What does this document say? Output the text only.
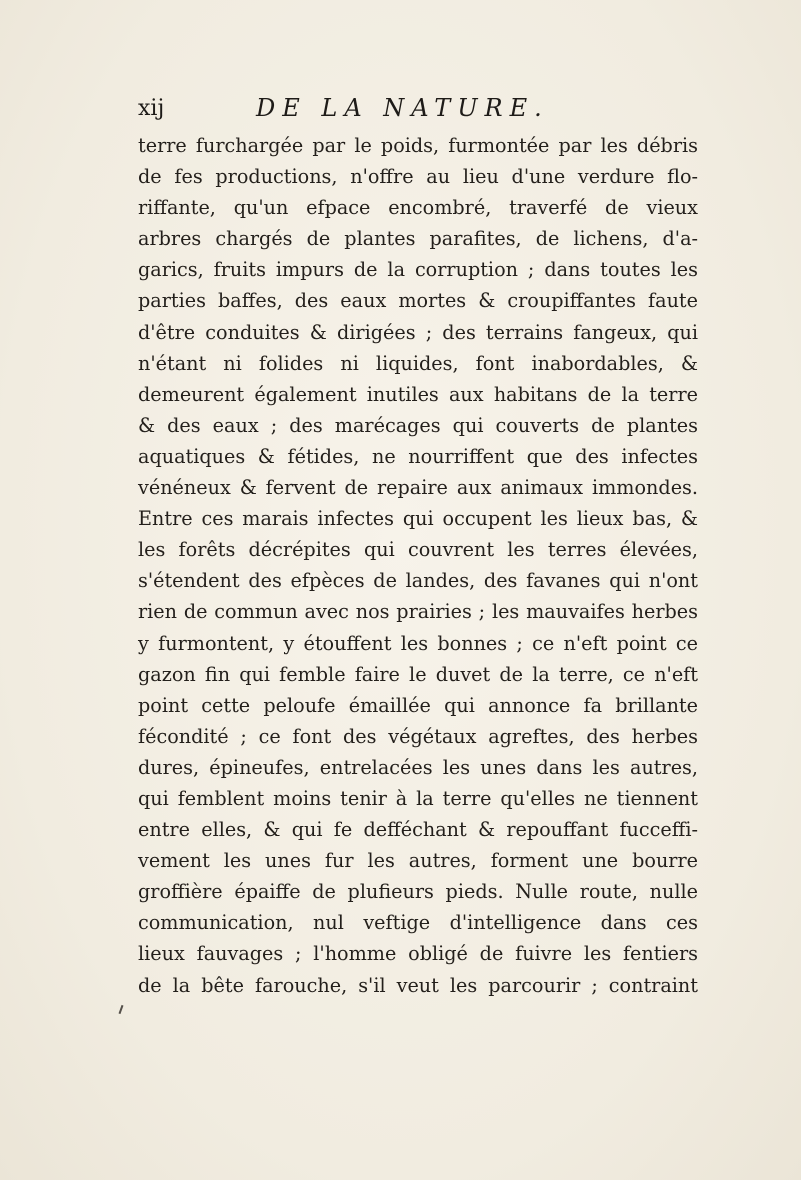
xij	DE LA NATURE.
terre furchargée par le poids, furmontée par les débris
de fes productions, n'offre au lieu d'une verdure flo-
riffante, qu'un efpace encombré, traverfé de vieux
arbres chargés de plantes parafites, de lichens, d'a-
garics, fruits impurs de la corruption ; dans toutes les
parties baffes, des eaux mortes & croupiffantes faute
d'être conduites & dirigées ; des terrains fangeux, qui
n'étant ni folides ni liquides, font inabordables, &
demeurent également inutiles aux habitans de la terre
& des eaux ; des marécages qui couverts de plantes
aquatiques & fétides, ne nourriffent que des infectes
vénéneux & fervent de repaire aux animaux immondes.
Entre ces marais infectes qui occupent les lieux bas, &
les forêts décrépites qui couvrent les terres élevées,
s'étendent des efpèces de landes, des favanes qui n'ont
rien de commun avec nos prairies ; les mauvaifes herbes
y furmontent, y étouffent les bonnes ; ce n'eft point ce
gazon fin qui femble faire le duvet de la terre, ce n'eft
point cette peloufe émaillée qui annonce fa brillante
fécondité ; ce font des végétaux agreftes, des herbes
dures, épineufes, entrelacées les unes dans les autres,
qui femblent moins tenir à la terre qu'elles ne tiennent
entre elles, & qui fe defféchant & repouffant fucceffi-
vement les unes fur les autres, forment une bourre
groffière épaiffe de plufieurs pieds. Nulle route, nulle
communication, nul veftige d'intelligence dans ces
lieux fauvages ; l'homme obligé de fuivre les fentiers
de la bête farouche, s'il veut les parcourir ; contraint
